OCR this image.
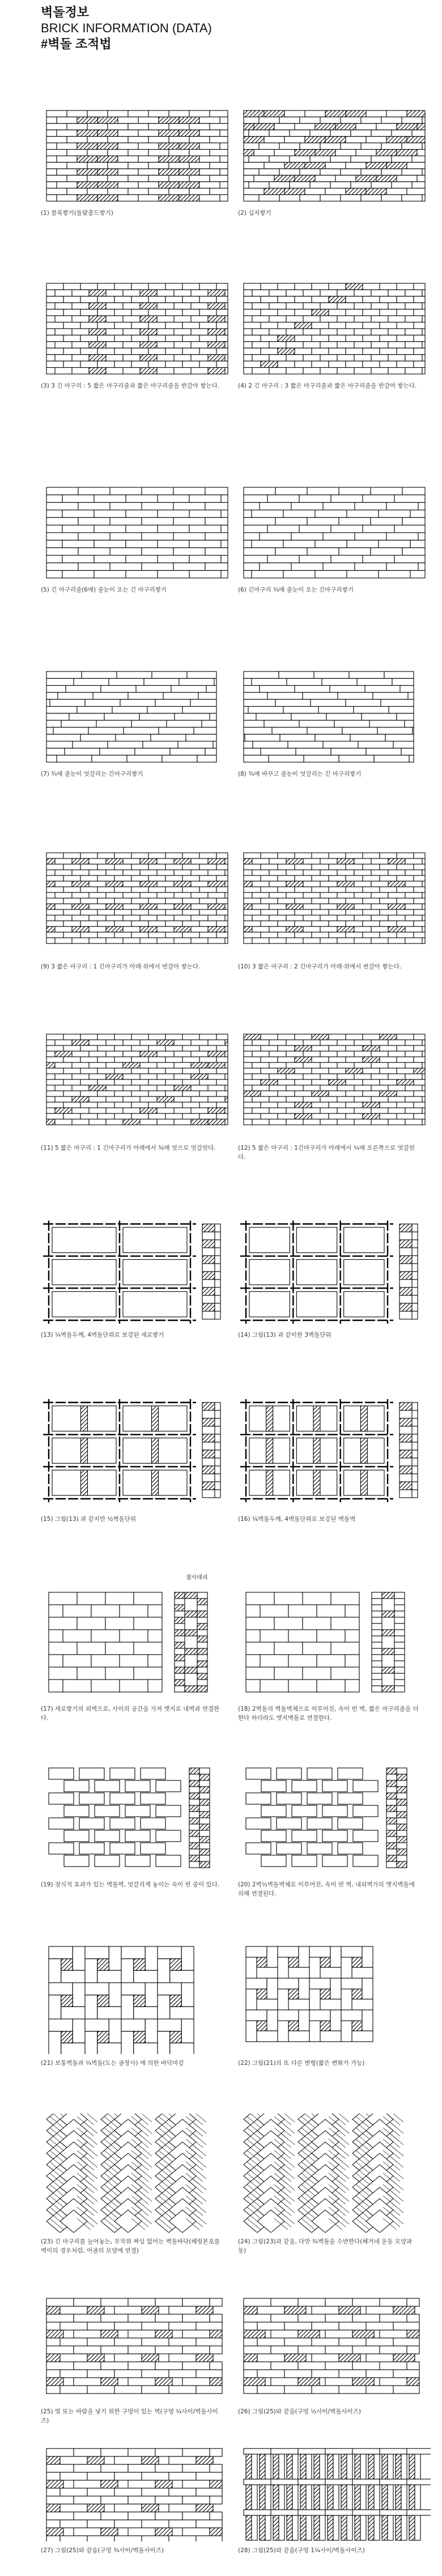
벽돌정보
BRICK INFORMATION (DATA)
#벽돌 조적법
(1) 블록쌓기(돌맞춤드쌓기)	(2) 십자쌓기
(3) 3 긴 마구리 : 5 짧은 마구리줄과 짧은 마구리줄을 반갈아 쌓는다.	(4) 2 긴 마구리 : 3 짧은 마구리줄과 짧은 마구리줄을 반갈아 쌓는다.
(5) 긴 마구리줄(6매) 줄눈이 오는 긴 마구리쌓기	(6) 긴마구리 ¾매 줄눈이 오는 긴마구리쌓기
(7) ¾매 줄눈이 엇갈리는 긴마구리쌓기	(8) ¾매 바꾸고 줄눈이 엇갈리는 긴 마구리쌓기
(9) 3 짧은 마구리 : 1 긴마구리가 아래·위에서 번갈아 쌓는다.	(10) 3 짧은 마구리 : 2 긴마구리가 아래·위에서 번갈아 쌓는다.
(11) 5 짧은 마구리 : 1 긴마구리가 아래에서 ¾매 엇으로 엇갈린다.	(12) 5 짧은 마구리 : 1긴마구리가 아래에서 ¼매 오른쪽으로 엇갈린다.
(13) ¼벽돌두께, 4벽돌단위로 보강된 세로쌓기	(14) 그림(13) 과 같이한 3벽돌단위
(15) 그림(13) 과 같지만 ½벽돌단위	(16) ¼벽돌두께, 4벽돌단위로 보강된 벽돌벽
절사데리
(17) 세로쌓기의 외벽으로, 사이의 공간을 가져 엣지로 내벽과 연결한다.
(18) 2벽돌의 벽돌벽체으로 이루어진, 속이 빈 벽, 짧은 마구리줄을 더한다 하더라도 엣지벽돌로 연결한다.
(19) 장식적 효과가 있는 벽돌벽, 엇갈리게 놓이는 속이 빈 중이 있다.	(20) 2벽½벽돌벽체로 이루어진, 속이 빈 벽, 내외벽가의 엣지벽돌에 의해 연결된다.
(21) 보통벽돌과 ¼벽돌(도는 골창사) 에 의한 바닥마감	(22) 그림(21)의 또 다른 변형(짧은 변화가 가능)
(23) 긴 마구리를 늘어놓는, 무작위 짜임 없어는 벽돌바닥(헤링본포를벽이의 경우처럼, 어골의 모양에 연결)
(24) 그림(23)과 같음, 다만 ¾벽돌을 수반한다(헤거네 운동 모양과 동)
(25) 빛 또는 바람을 넣기 위한 구멍이 있는 벽(구멍 ¼사이/벽돌사이즈)
(26) 그림(25)와 같음(구멍 ½사이/벽돌사이즈)
(27) 그림(25)와 같음(구멍 ¾사이/벽돌사이즈)	(28) 그림(25)와 같음(구멍 1¼사이/벽돌사이즈)
